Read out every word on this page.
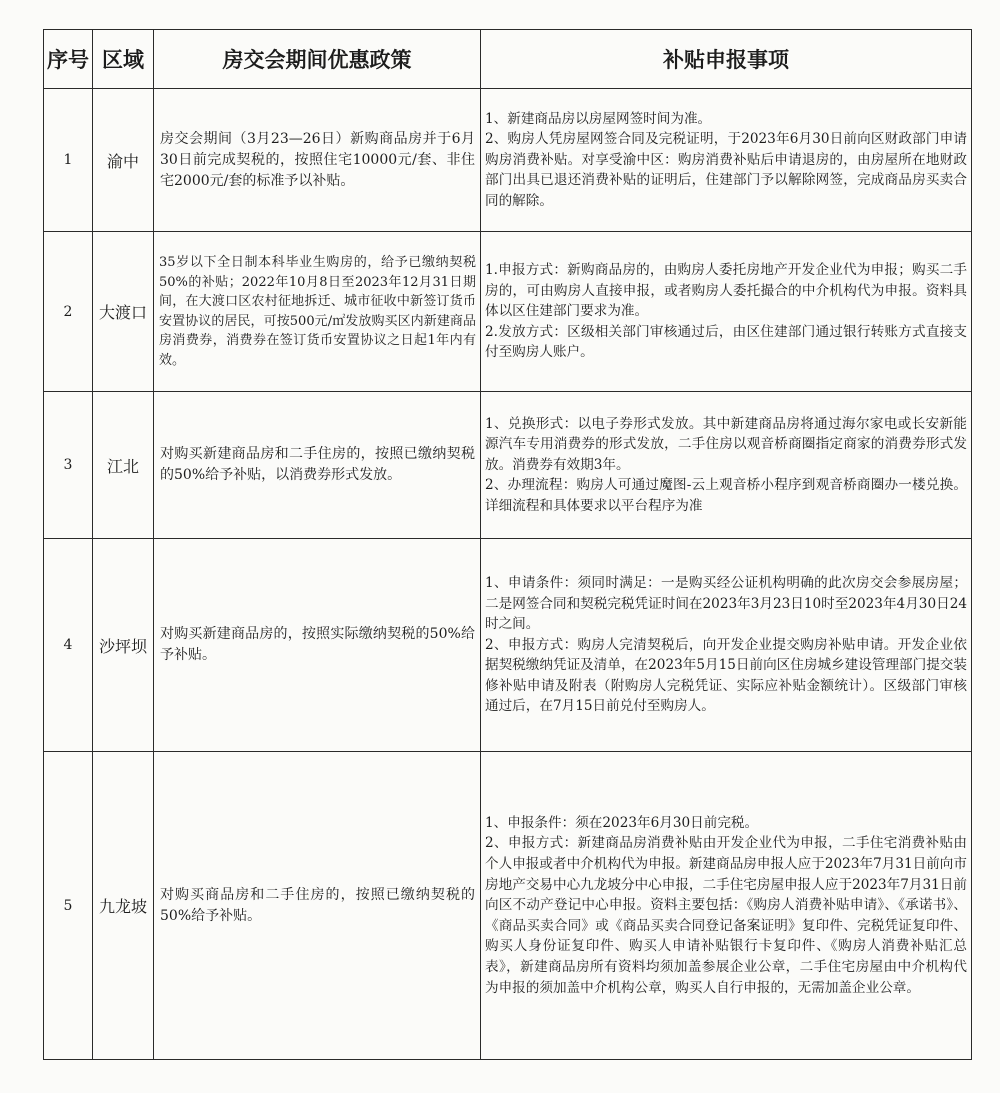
序号	区域	房交会期间优惠政策	补贴申报事项
1	渝中	房交会期间（3月23—26日）新购商品房并于6月30日前完成契税的，按照住宅10000元/套、非住宅2000元/套的标准予以补贴。	1、新建商品房以房屋网签时间为准。
2、购房人凭房屋网签合同及完税证明，于2023年6月30日前向区财政部门申请购房消费补贴。对享受渝中区：购房消费补贴后申请退房的，由房屋所在地财政部门出具已退还消费补贴的证明后，住建部门予以解除网签，完成商品房买卖合同的解除。

2	大渡口	35岁以下全日制本科毕业生购房的，给予已缴纳契税50%的补贴；2022年10月8日至2023年12月31日期间，在大渡口区农村征地拆迁、城市征收中新签订货币安置协议的居民，可按500元/㎡发放购买区内新建商品房消费券，消费券在签订货币安置协议之日起1年内有效。	1.申报方式：新购商品房的，由购房人委托房地产开发企业代为申报；购买二手房的，可由购房人直接申报，或者购房人委托撮合的中介机构代为申报。资料具体以区住建部门要求为准。
2.发放方式：区级相关部门审核通过后，由区住建部门通过银行转账方式直接支付至购房人账户。

3	江北	对购买新建商品房和二手住房的，按照已缴纳契税的50%给予补贴，以消费券形式发放。	1、兑换形式：以电子券形式发放。其中新建商品房将通过海尔家电或长安新能源汽车专用消费券的形式发放，二手住房以观音桥商圈指定商家的消费券形式发放。消费券有效期3年。
2、办理流程：购房人可通过魔图-云上观音桥小程序到观音桥商圈办一楼兑换。详细流程和具体要求以平台程序为准

4	沙坪坝	对购买新建商品房的，按照实际缴纳契税的50%给予补贴。	1、申请条件：须同时满足：一是购买经公证机构明确的此次房交会参展房屋；二是网签合同和契税完税凭证时间在2023年3月23日10时至2023年4月30日24时之间。
2、申报方式：购房人完清契税后，向开发企业提交购房补贴申请。开发企业依据契税缴纳凭证及清单，在2023年5月15日前向区住房城乡建设管理部门提交装修补贴申请及附表（附购房人完税凭证、实际应补贴金额统计）。区级部门审核通过后，在7月15日前兑付至购房人。

5	九龙坡	对购买商品房和二手住房的，按照已缴纳契税的50%给予补贴。	1、申报条件：须在2023年6月30日前完税。
2、申报方式：新建商品房消费补贴由开发企业代为申报，二手住宅消费补贴由个人申报或者中介机构代为申报。新建商品房申报人应于2023年7月31日前向市房地产交易中心九龙坡分中心申报，二手住宅房屋申报人应于2023年7月31日前向区不动产登记中心申报。资料主要包括：《购房人消费补贴申请》、《承诺书》、《商品买卖合同》或《商品买卖合同登记备案证明》复印件、完税凭证复印件、购买人身份证复印件、购买人申请补贴银行卡复印件、《购房人消费补贴汇总表》，新建商品房所有资料均须加盖参展企业公章，二手住宅房屋由中介机构代为申报的须加盖中介机构公章，购买人自行申报的，无需加盖企业公章。
